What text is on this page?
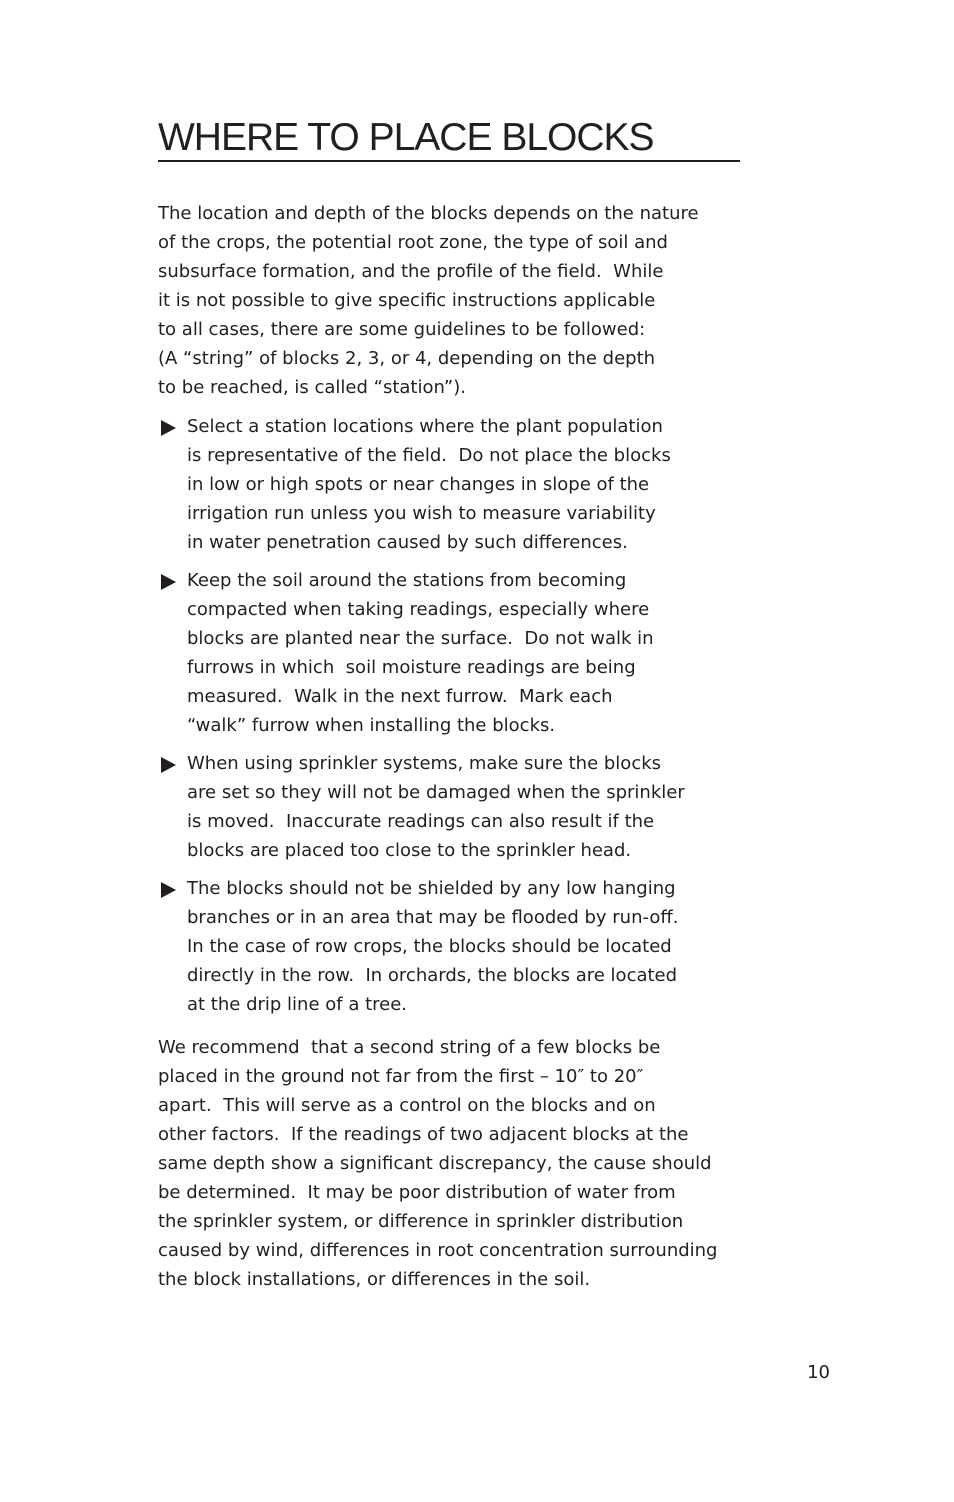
WHERE TO PLACE BLOCKS

The location and depth of the blocks depends on the nature
of the crops, the potential root zone, the type of soil and
subsurface formation, and the profile of the field.  While
it is not possible to give specific instructions applicable
to all cases, there are some guidelines to be followed:
(A “string” of blocks 2, 3, or 4, depending on the depth
to be reached, is called “station”).

Select a station locations where the plant population
is representative of the field.  Do not place the blocks
in low or high spots or near changes in slope of the
irrigation run unless you wish to measure variability
in water penetration caused by such differences.

Keep the soil around the stations from becoming
compacted when taking readings, especially where
blocks are planted near the surface.  Do not walk in
furrows in which  soil moisture readings are being
measured.  Walk in the next furrow.  Mark each
“walk” furrow when installing the blocks.

When using sprinkler systems, make sure the blocks
are set so they will not be damaged when the sprinkler
is moved.  Inaccurate readings can also result if the
blocks are placed too close to the sprinkler head.

The blocks should not be shielded by any low hanging
branches or in an area that may be flooded by run-off.
In the case of row crops, the blocks should be located
directly in the row.  In orchards, the blocks are located
at the drip line of a tree.

We recommend  that a second string of a few blocks be
placed in the ground not far from the first – 10″ to 20″
apart.  This will serve as a control on the blocks and on
other factors.  If the readings of two adjacent blocks at the
same depth show a significant discrepancy, the cause should
be determined.  It may be poor distribution of water from
the sprinkler system, or difference in sprinkler distribution
caused by wind, differences in root concentration surrounding
the block installations, or differences in the soil.

10
